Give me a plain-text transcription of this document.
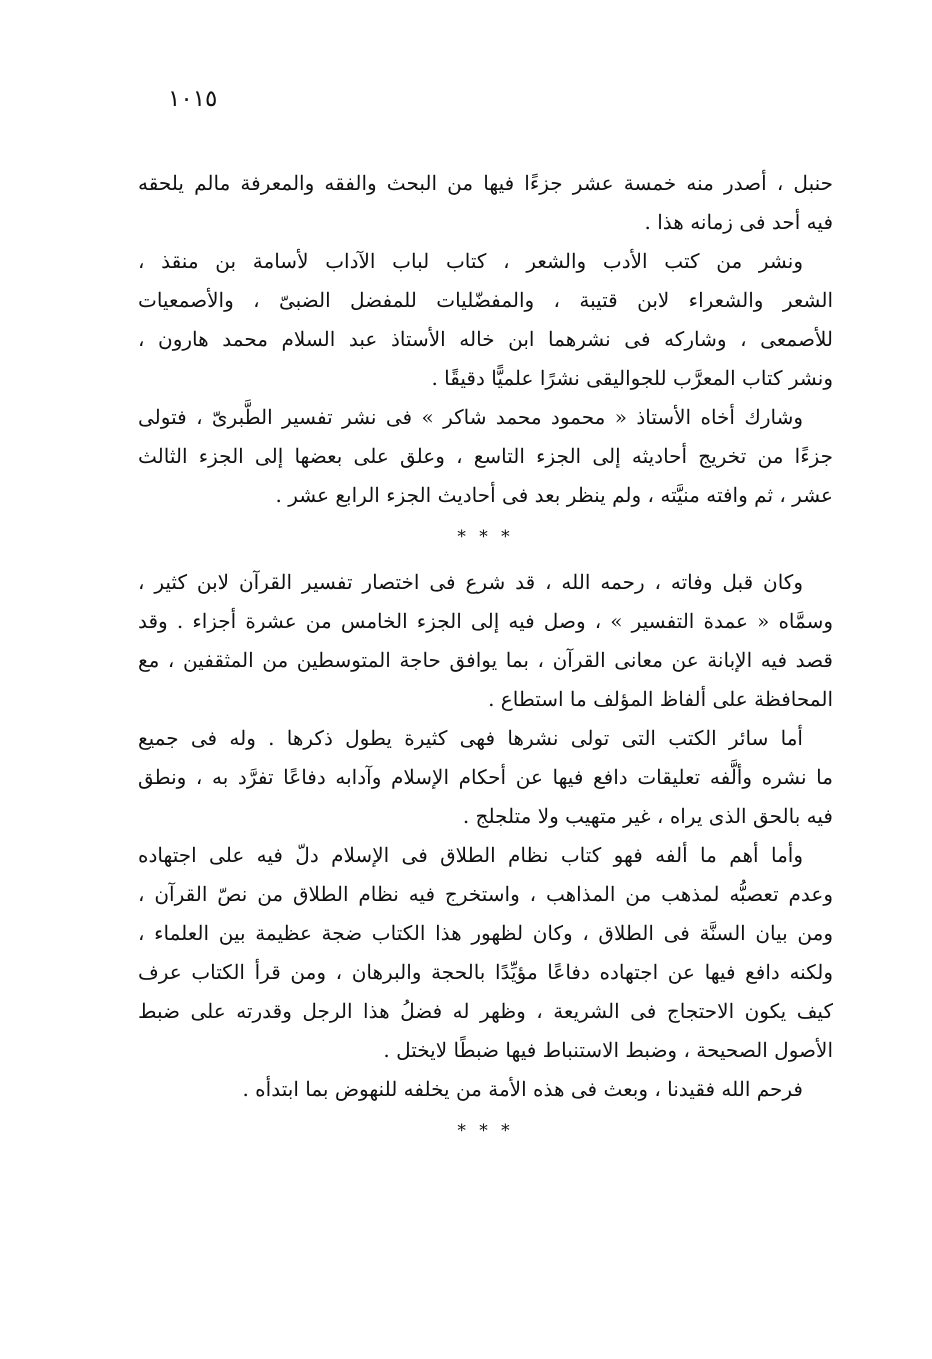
١٠١٥

حنبل ، أصدر منه خمسة عشر جزءًا فيها من البحث والفقه والمعرفة مالم يلحقه
فيه أحد فى زمانه هذا .

ونشر من كتب الأدب والشعر ، كتاب لباب الآداب لأسامة بن منقذ ،
الشعر والشعراء لابن قتيبة ، والمفضّليات للمفضل الضبىّ ، والأصمعيات
للأصمعى ، وشاركه فى نشرهما ابن خاله الأستاذ عبد السلام محمد هارون ،
ونشر كتاب المعرَّب للجواليقى نشرًا علميًّا دقيقًا .

وشارك أخاه الأستاذ « محمود محمد شاكر » فى نشر تفسير الطَّبرىّ ، فتولى
جزءًا من تخريج أحاديثه إلى الجزء التاسع ، وعلق على بعضها إلى الجزء الثالث
عشر ، ثم وافته منيَّته ، ولم ينظر بعد فى أحاديث الجزء الرابع عشر .

* * *

وكان قبل وفاته ، رحمه الله ، قد شرع فى اختصار تفسير القرآن لابن كثير ،
وسمَّاه « عمدة التفسير » ، وصل فيه إلى الجزء الخامس من عشرة أجزاء . وقد
قصد فيه الإبانة عن معانى القرآن ، بما يوافق حاجة المتوسطين من المثقفين ، مع
المحافظة على ألفاظ المؤلف ما استطاع .

أما سائر الكتب التى تولى نشرها فهى كثيرة يطول ذكرها . وله فى جميع
ما نشره وألَّفه تعليقات دافع فيها عن أحكام الإسلام وآدابه دفاعًا تفرَّد به ، ونطق
فيه بالحق الذى يراه ، غير متهيب ولا متلجلج .

وأما أهم ما ألفه فهو كتاب نظام الطلاق فى الإسلام دلّ فيه على اجتهاده
وعدم تعصبُّه لمذهب من المذاهب ، واستخرج فيه نظام الطلاق من نصّ القرآن ،
ومن بيان السنَّة فى الطلاق ، وكان لظهور هذا الكتاب ضجة عظيمة بين العلماء ،
ولكنه دافع فيها عن اجتهاده دفاعًا مؤيِّدًا بالحجة والبرهان ، ومن قرأ الكتاب عرف
كيف يكون الاحتجاج فى الشريعة ، وظهر له فضلُ هذا الرجل وقدرته على ضبط
الأصول الصحيحة ، وضبط الاستنباط فيها ضبطًا لايختل .

فرحم الله فقيدنا ، وبعث فى هذه الأمة من يخلفه للنهوض بما ابتدأه .

* * *
